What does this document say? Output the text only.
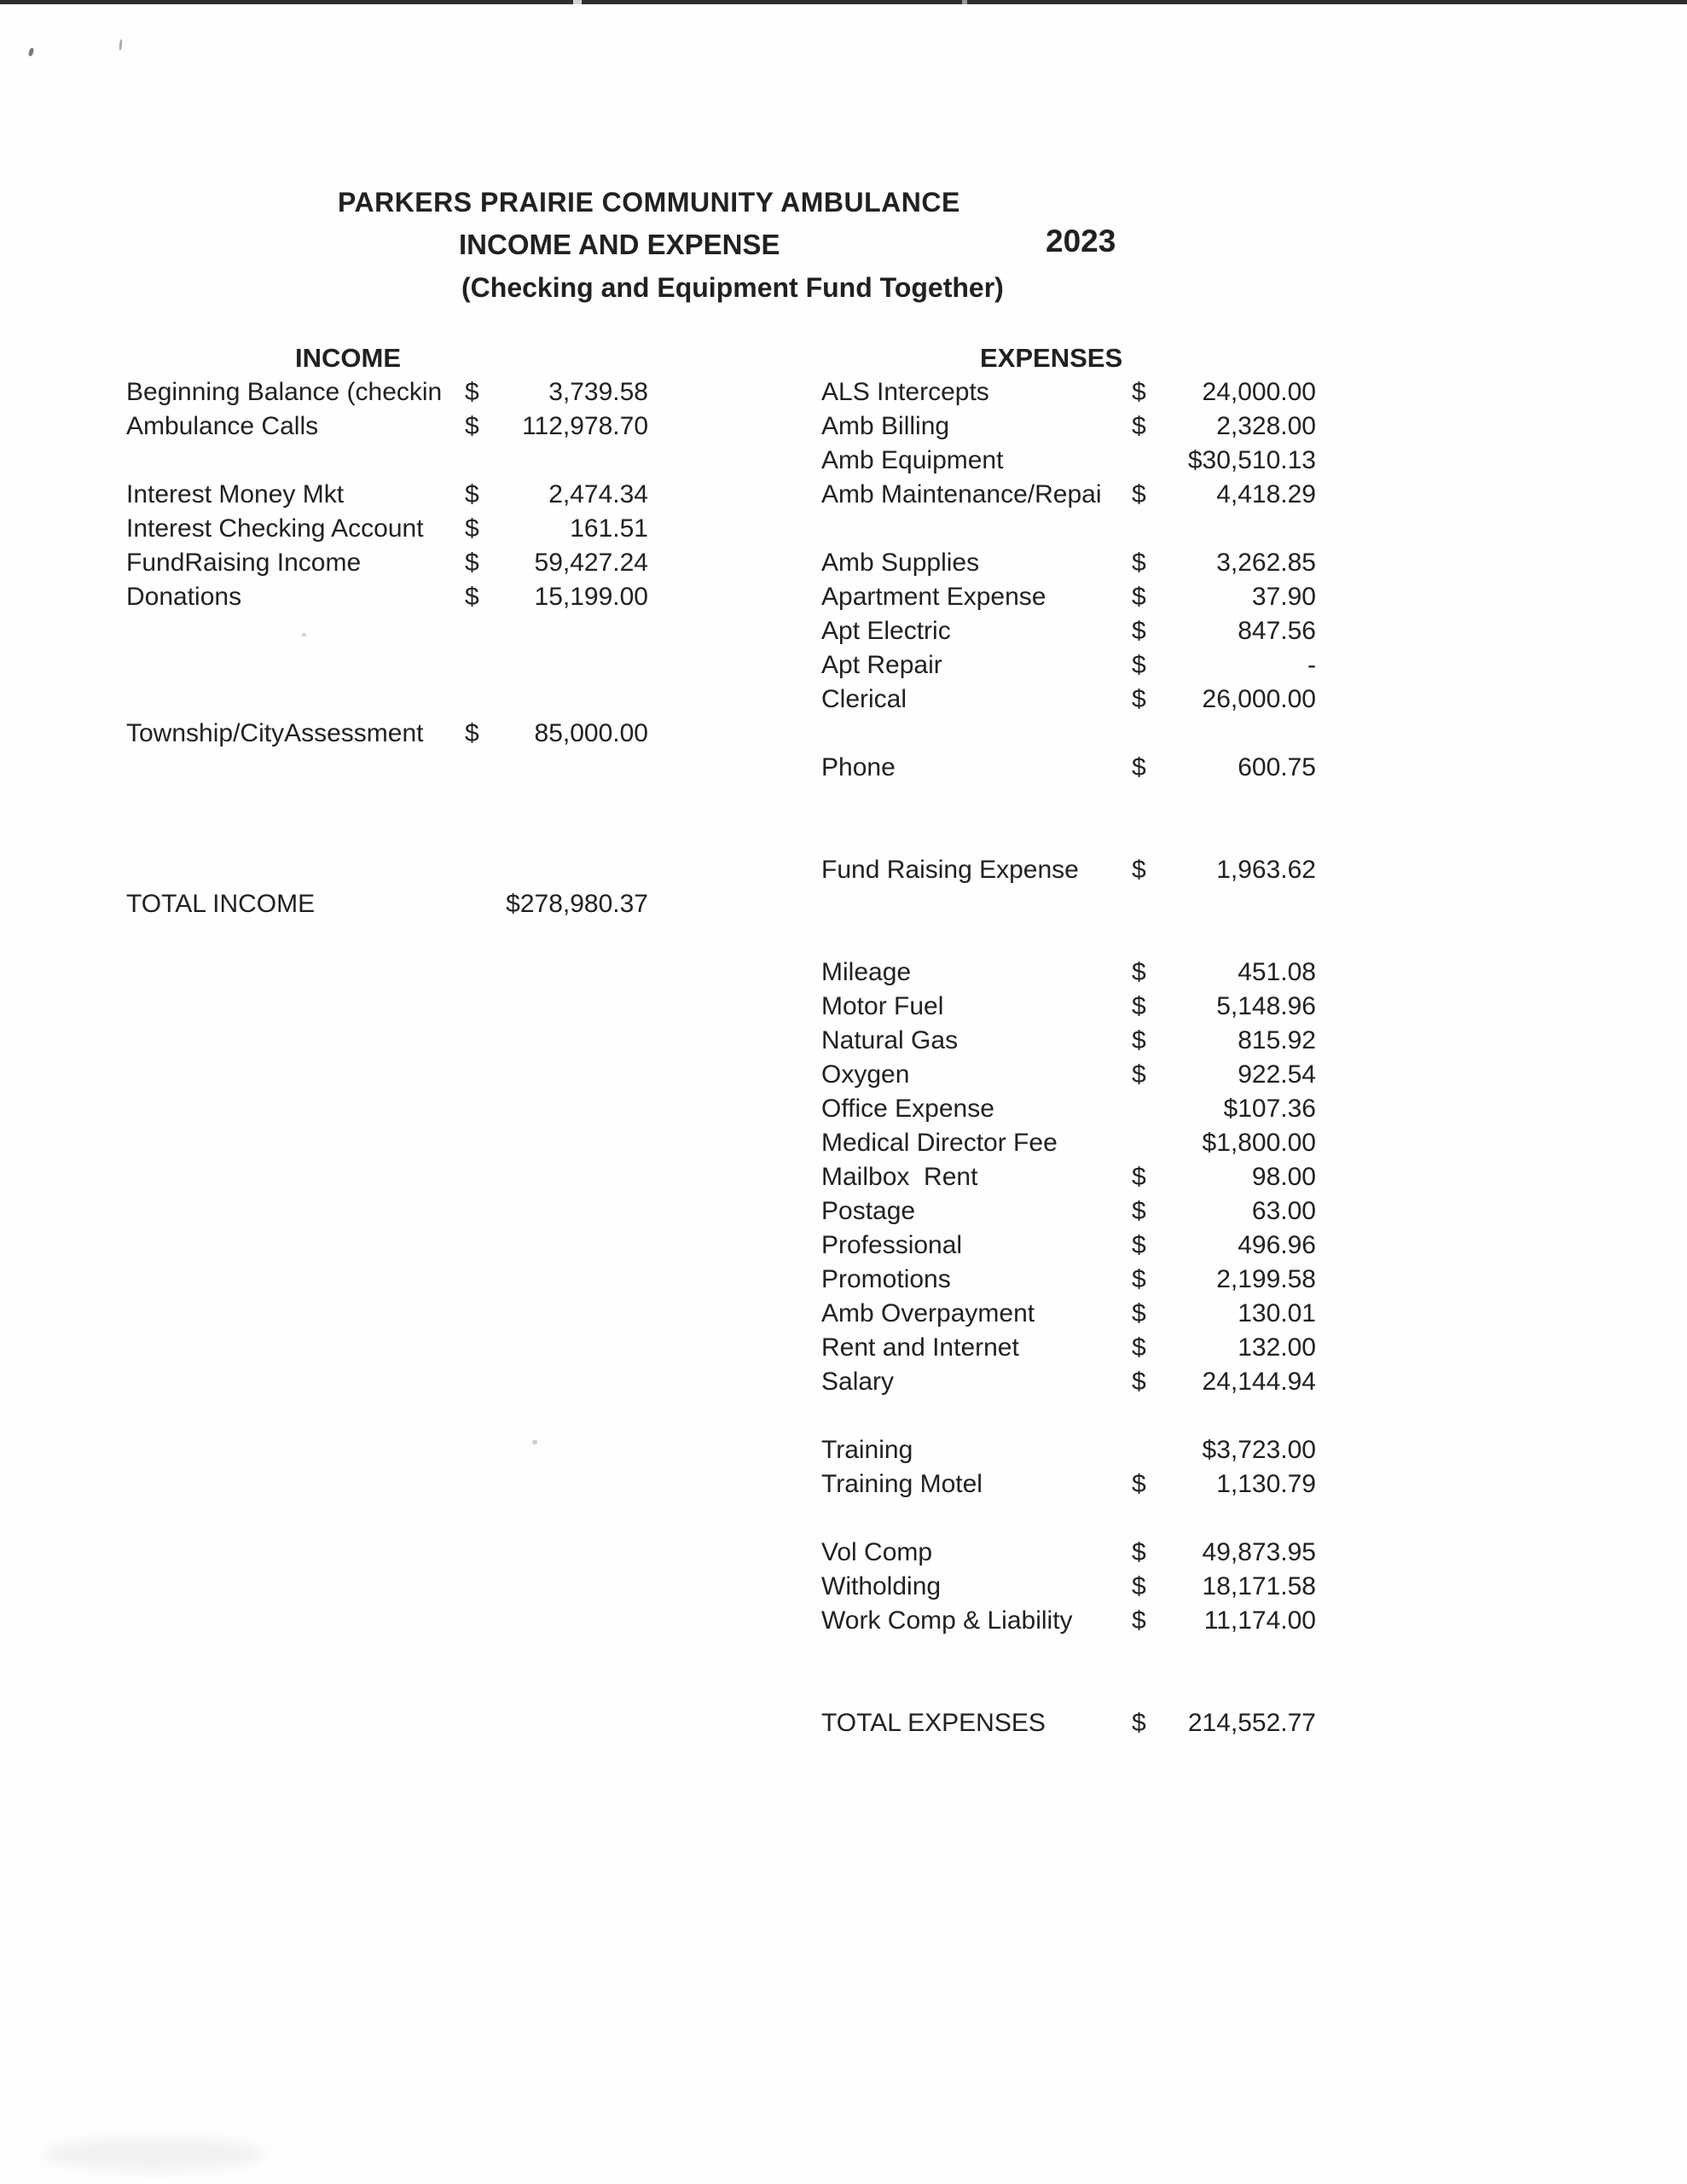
PARKERS PRAIRIE COMMUNITY AMBULANCE
INCOME AND EXPENSE	2023
(Checking and Equipment Fund Together)
INCOME
Beginning Balance (checkin $	3,739.58
Ambulance Calls	$	112,978.70
Interest Money Mkt	$	2,474.34
Interest Checking Account	$	161.51
FundRaising Income	$	59,427.24
Donations	$	15,199.00
Township/CityAssessment	$	85,000.00
TOTAL INCOME	$278,980.37
EXPENSES
ALS Intercepts	$	24,000.00
Amb Billing	$	2,328.00
Amb Equipment	$30,510.13
Amb Maintenance/Repai	$	4,418.29
Amb Supplies	$	3,262.85
Apartment Expense	$	37.90
Apt Electric	$	847.56
Apt Repair	$	-
Clerical	$	26,000.00
Phone	$	600.75
Fund Raising Expense	$	1,963.62
Mileage	$	451.08
Motor Fuel	$	5,148.96
Natural Gas	$	815.92
Oxygen	$	922.54
Office Expense	$107.36
Medical Director Fee	$1,800.00
Mailbox  Rent	$	98.00
Postage	$	63.00
Professional	$	496.96
Promotions	$	2,199.58
Amb Overpayment	$	130.01
Rent and Internet	$	132.00
Salary	$	24,144.94
Training	$3,723.00
Training Motel	$	1,130.79
Vol Comp	$	49,873.95
Witholding	$	18,171.58
Work Comp & Liability	$	11,174.00
TOTAL EXPENSES	$	214,552.77
